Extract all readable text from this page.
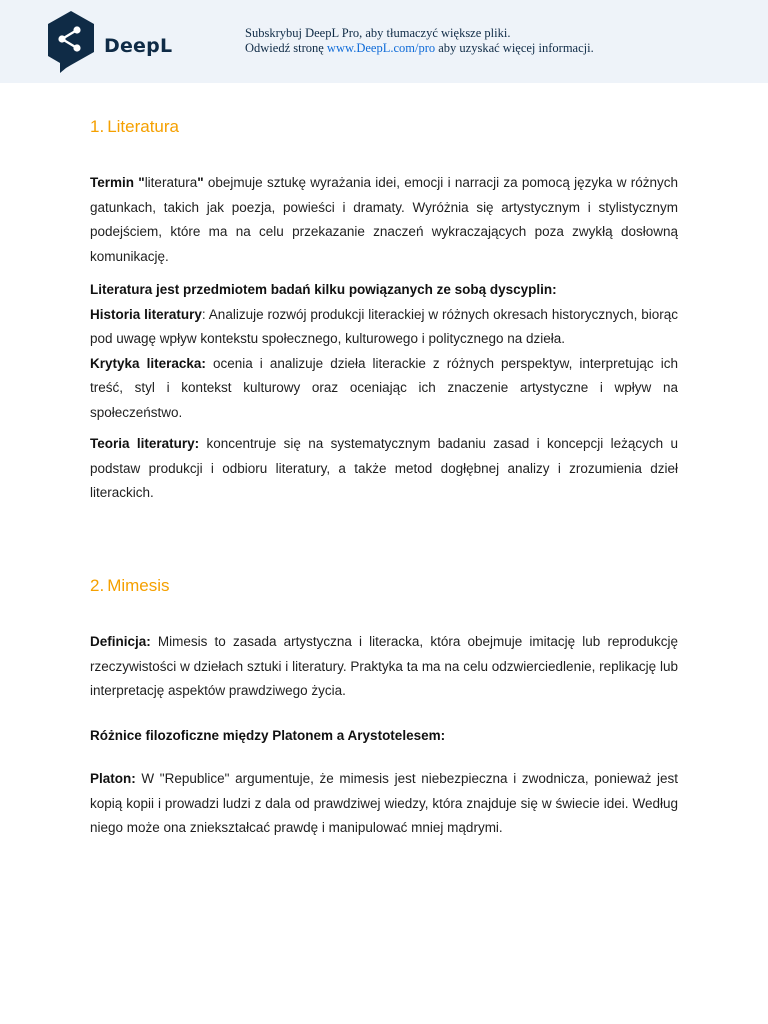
DeepL
Subskrybuj DeepL Pro, aby tłumaczyć większe pliki.
Odwiedź stronę www.DeepL.com/pro aby uzyskać więcej informacji.
1. Literatura

Termin "literatura" obejmuje sztukę wyrażania idei, emocji i narracji za pomocą języka w różnych gatunkach, takich jak poezja, powieści i dramaty. Wyróżnia się artystycznym i stylistycznym podejściem, które ma na celu przekazanie znaczeń wykraczających poza zwykłą dosłowną komunikację.

Literatura jest przedmiotem badań kilku powiązanych ze sobą dyscyplin:
Historia literatury: Analizuje rozwój produkcji literackiej w różnych okresach historycznych, biorąc pod uwagę wpływ kontekstu społecznego, kulturowego i politycznego na dzieła.
Krytyka literacka: ocenia i analizuje dzieła literackie z różnych perspektyw, interpretując ich treść, styl i kontekst kulturowy oraz oceniając ich znaczenie artystyczne i wpływ na społeczeństwo.

Teoria literatury: koncentruje się na systematycznym badaniu zasad i koncepcji leżących u podstaw produkcji i odbioru literatury, a także metod dogłębnej analizy i zrozumienia dzieł literackich.

2. Mimesis

Definicja: Mimesis to zasada artystyczna i literacka, która obejmuje imitację lub reprodukcję rzeczywistości w dziełach sztuki i literatury. Praktyka ta ma na celu odzwierciedlenie, replikację lub interpretację aspektów prawdziwego życia.

Różnice filozoficzne między Platonem a Arystotelesem:

Platon: W "Republice" argumentuje, że mimesis jest niebezpieczna i zwodnicza, ponieważ jest kopią kopii i prowadzi ludzi z dala od prawdziwej wiedzy, która znajduje się w świecie idei. Według niego może ona zniekształcać prawdę i manipulować mniej mądrymi.
